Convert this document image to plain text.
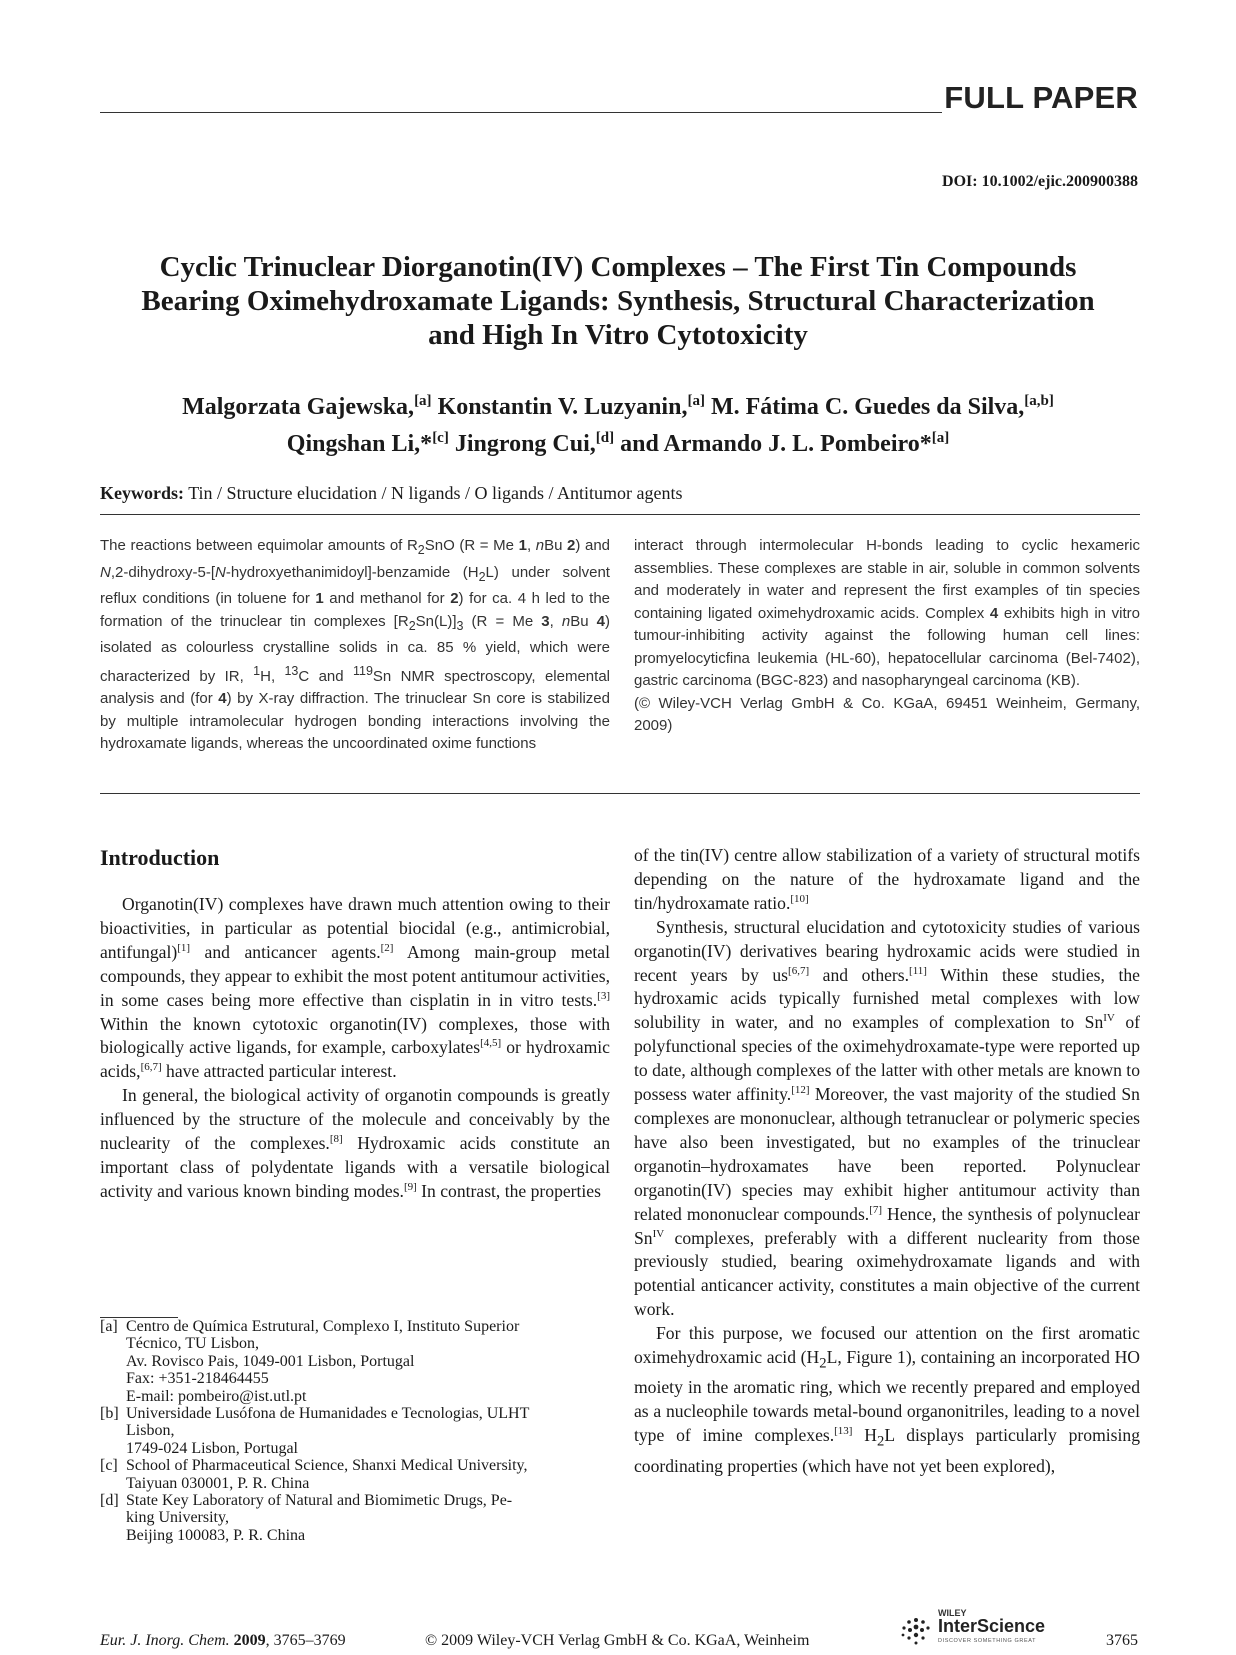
FULL PAPER
DOI: 10.1002/ejic.200900388
Cyclic Trinuclear Diorganotin(IV) Complexes – The First Tin Compounds
Bearing Oximehydroxamate Ligands: Synthesis, Structural Characterization
and High In Vitro Cytotoxicity
Malgorzata Gajewska,[a] Konstantin V. Luzyanin,[a] M. Fátima C. Guedes da Silva,[a,b]
Qingshan Li,*[c] Jingrong Cui,[d] and Armando J. L. Pombeiro*[a]
Keywords: Tin / Structure elucidation / N ligands / O ligands / Antitumor agents
The reactions between equimolar amounts of $R_2SnO$ (R = Me 1, nBu 2) and N,2-dihydroxy-5-[N-hydroxyethanimidoyl]-benzamide $(H_2L)$ under solvent reflux conditions (in toluene for 1 and methanol for 2) for ca. 4 h led to the formation of the trinuclear tin complexes $[R_2Sn(L)]_3$ (R = Me 3, nBu 4) isolated as colourless crystalline solids in ca. 85 % yield, which were characterized by IR, $^1$H, $^{13}$C and $^{119}$Sn NMR spectroscopy, elemental analysis and (for 4) by X-ray diffraction. The trinuclear Sn core is stabilized by multiple intramolecular hydrogen bonding interactions involving the hydroxamate ligands, whereas the uncoordinated oxime functions
interact through intermolecular H-bonds leading to cyclic hexameric assemblies. These complexes are stable in air, soluble in common solvents and moderately in water and represent the first examples of tin species containing ligated oximehydroxamic acids. Complex 4 exhibits high in vitro tumour-inhibiting activity against the following human cell lines: promyelocyticfina leukemia (HL-60), hepatocellular carcinoma (Bel-7402), gastric carcinoma (BGC-823) and nasopharyngeal carcinoma (KB).
(© Wiley-VCH Verlag GmbH & Co. KGaA, 69451 Weinheim, Germany, 2009)
Introduction

Organotin(IV) complexes have drawn much attention owing to their bioactivities, in particular as potential biocidal (e.g., antimicrobial, antifungal)[1] and anticancer agents.[2] Among main-group metal compounds, they appear to exhibit the most potent antitumour activities, in some cases being more effective than cisplatin in in vitro tests.[3] Within the known cytotoxic organotin(IV) complexes, those with biologically active ligands, for example, carboxylates[4,5] or hydroxamic acids,[6,7] have attracted particular interest.

In general, the biological activity of organotin compounds is greatly influenced by the structure of the molecule and conceivably by the nuclearity of the complexes.[8] Hydroxamic acids constitute an important class of polydentate ligands with a versatile biological activity and various known binding modes.[9] In contrast, the properties

of the tin(IV) centre allow stabilization of a variety of structural motifs depending on the nature of the hydroxamate ligand and the tin/hydroxamate ratio.[10]

Synthesis, structural elucidation and cytotoxicity studies of various organotin(IV) derivatives bearing hydroxamic acids were studied in recent years by us[6,7] and others.[11] Within these studies, the hydroxamic acids typically furnished metal complexes with low solubility in water, and no examples of complexation to $Sn^{IV}$ of polyfunctional species of the oximehydroxamate-type were reported up to date, although complexes of the latter with other metals are known to possess water affinity.[12] Moreover, the vast majority of the studied Sn complexes are mononuclear, although tetranuclear or polymeric species have also been investigated, but no examples of the trinuclear organotin–hydroxamates have been reported. Polynuclear organotin(IV) species may exhibit higher antitumour activity than related mononuclear compounds.[7] Hence, the synthesis of polynuclear $Sn^{IV}$ complexes, preferably with a different nuclearity from those previously studied, bearing oximehydroxamate ligands and with potential anticancer activity, constitutes a main objective of the current work.

For this purpose, we focused our attention on the first aromatic oximehydroxamic acid ($H_2L$, Figure 1), containing an incorporated HO moiety in the aromatic ring, which we recently prepared and employed as a nucleophile towards metal-bound organonitriles, leading to a novel type of imine complexes.[13] $H_2L$ displays particularly promising coordinating properties (which have not yet been explored),

[a] Centro de Química Estrutural, Complexo I, Instituto Superior
Técnico, TU Lisbon,
Av. Rovisco Pais, 1049-001 Lisbon, Portugal
Fax: +351-218464455
E-mail: pombeiro@ist.utl.pt
[b] Universidade Lusófona de Humanidades e Tecnologias, ULHT
Lisbon,
1749-024 Lisbon, Portugal
[c] School of Pharmaceutical Science, Shanxi Medical University,
Taiyuan 030001, P. R. China
[d] State Key Laboratory of Natural and Biomimetic Drugs, Pe-
king University,
Beijing 100083, P. R. China
Eur. J. Inorg. Chem. 2009, 3765–3769	© 2009 Wiley-VCH Verlag GmbH & Co. KGaA, Weinheim
WILEY
InterScience
DISCOVER SOMETHING GREAT	3765
